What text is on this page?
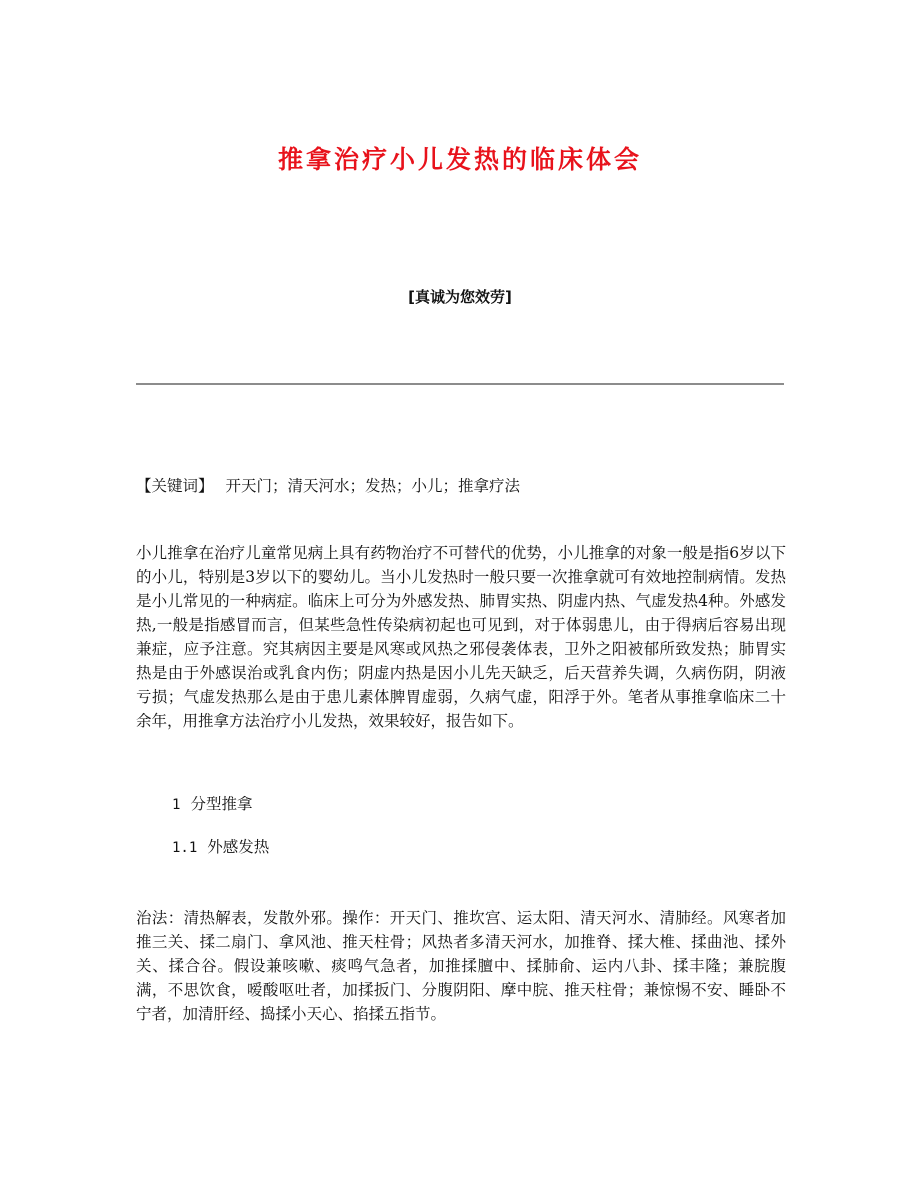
推拿治疗小儿发热的临床体会
[真诚为您效劳]
【关键词】 开天门；清天河水；发热；小儿；推拿疗法
小儿推拿在治疗儿童常见病上具有药物治疗不可替代的优势，小儿推拿的对象一般是指6岁以下的小儿，特别是3岁以下的婴幼儿。当小儿发热时一般只要一次推拿就可有效地控制病情。发热是小儿常见的一种病症。临床上可分为外感发热、肺胃实热、阴虚内热、气虚发热4种。外感发热,一般是指感冒而言，但某些急性传染病初起也可见到，对于体弱患儿，由于得病后容易出现兼症，应予注意。究其病因主要是风寒或风热之邪侵袭体表，卫外之阳被郁所致发热；肺胃实热是由于外感误治或乳食内伤；阴虚内热是因小儿先天缺乏，后天营养失调，久病伤阴，阴液亏损；气虚发热那么是由于患儿素体脾胃虚弱，久病气虚，阳浮于外。笔者从事推拿临床二十余年，用推拿方法治疗小儿发热，效果较好，报告如下。
1 分型推拿
1.1 外感发热
治法：清热解表，发散外邪。操作：开天门、推坎宫、运太阳、清天河水、清肺经。风寒者加推三关、揉二扇门、拿风池、推天柱骨；风热者多清天河水，加推脊、揉大椎、揉曲池、揉外关、揉合谷。假设兼咳嗽、痰鸣气急者，加推揉膻中、揉肺俞、运内八卦、揉丰隆；兼脘腹满，不思饮食，嗳酸呕吐者，加揉扳门、分腹阴阳、摩中脘、推天柱骨；兼惊惕不安、睡卧不宁者，加清肝经、捣揉小天心、掐揉五指节。
